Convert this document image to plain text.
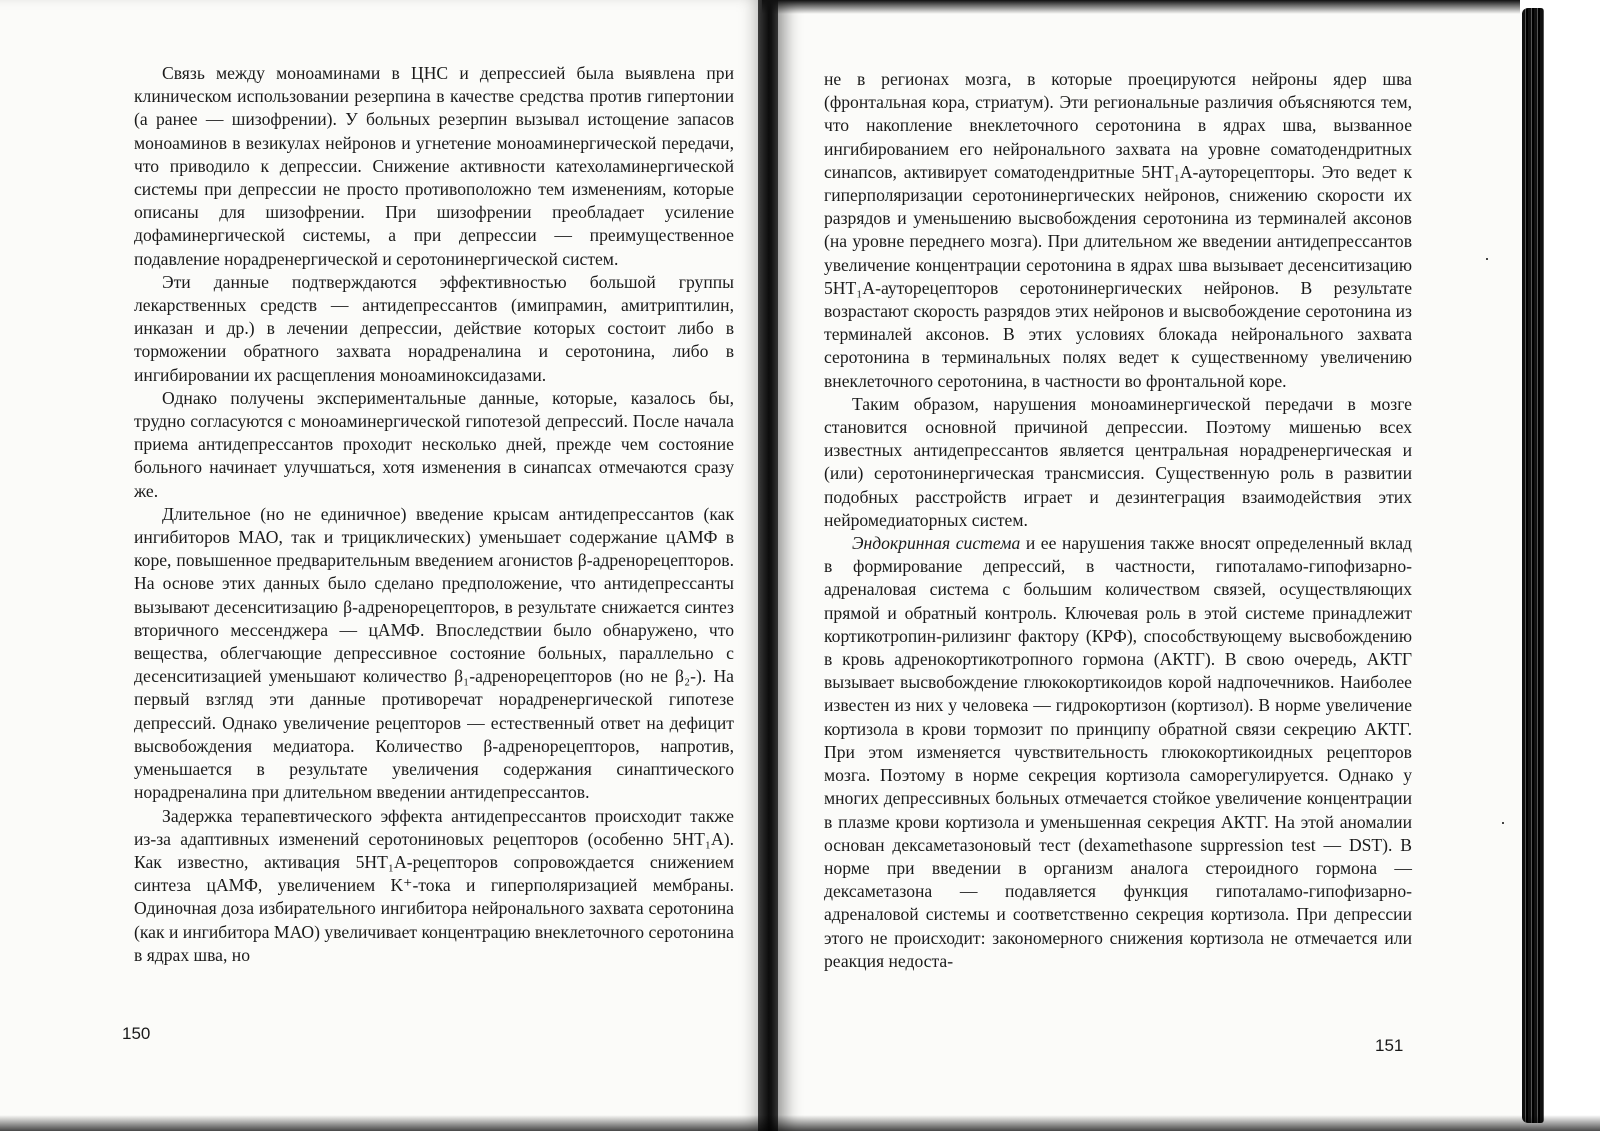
Связь между моноаминами в ЦНС и депрессией была выявлена при клиническом использовании резерпина в качестве средства против гипертонии (а ранее — шизофрении). У больных резерпин вызывал истощение запасов моноаминов в везикулах нейронов и угнетение моноаминергической передачи, что приводило к депрессии. Снижение активности катехоламинергической системы при депрессии не просто противоположно тем изменениям, которые описаны для шизофрении. При шизофрении преобладает усиление дофаминергической системы, а при депрессии — преимущественное подавление норадренергической и серотонинергической систем.

Эти данные подтверждаются эффективностью большой группы лекарственных средств — антидепрессантов (имипрамин, амитриптилин, инказан и др.) в лечении депрессии, действие которых состоит либо в торможении обратного захвата норадреналина и серотонина, либо в ингибировании их расщепления моноаминоксидазами.

Однако получены экспериментальные данные, которые, казалось бы, трудно согласуются с моноаминергической гипотезой депрессий. После начала приема антидепрессантов проходит несколько дней, прежде чем состояние больного начинает улучшаться, хотя изменения в синапсах отмечаются сразу же.

Длительное (но не единичное) введение крысам антидепрессантов (как ингибиторов МАО, так и трициклических) уменьшает содержание цАМФ в коре, повышенное предварительным введением агонистов β-адренорецепторов. На основе этих данных было сделано предположение, что антидепрессанты вызывают десенситизацию β-адренорецепторов, в результате снижается синтез вторичного мессенджера — цАМФ. Впоследствии было обнаружено, что вещества, облегчающие депрессивное состояние больных, параллельно с десенситизацией уменьшают количество β₁-адренорецепторов (но не β₂-). На первый взгляд эти данные противоречат норадренергической гипотезе депрессий. Однако увеличение рецепторов — естественный ответ на дефицит высвобождения медиатора. Количество β-адренорецепторов, напротив, уменьшается в результате увеличения содержания синаптического норадреналина при длительном введении антидепрессантов.

Задержка терапевтического эффекта антидепрессантов происходит также из-за адаптивных изменений серотониновых рецепторов (особенно 5HT₁A). Как известно, активация 5HT₁A-рецепторов сопровождается снижением синтеза цАМФ, увеличением K⁺-тока и гиперполяризацией мембраны. Одиночная доза избирательного ингибитора нейронального захвата серотонина (как и ингибитора МАО) увеличивает концентрацию внеклеточного серотонина в ядрах шва, но

150

не в регионах мозга, в которые проецируются нейроны ядер шва (фронтальная кора, стриатум). Эти региональные различия объясняются тем, что накопление внеклеточного серотонина в ядрах шва, вызванное ингибированием его нейронального захвата на уровне соматодендритных синапсов, активирует соматодендритные 5HT₁A-ауторецепторы. Это ведет к гиперполяризации серотонинергических нейронов, снижению скорости их разрядов и уменьшению высвобождения серотонина из терминалей аксонов (на уровне переднего мозга). При длительном же введении антидепрессантов увеличение концентрации серотонина в ядрах шва вызывает десенситизацию 5HT₁A-ауторецепторов серотонинергических нейронов. В результате возрастают скорость разрядов этих нейронов и высвобождение серотонина из терминалей аксонов. В этих условиях блокада нейронального захвата серотонина в терминальных полях ведет к существенному увеличению внеклеточного серотонина, в частности во фронтальной коре.

Таким образом, нарушения моноаминергической передачи в мозге становится основной причиной депрессии. Поэтому мишенью всех известных антидепрессантов является центральная норадренергическая и (или) серотонинергическая трансмиссия. Существенную роль в развитии подобных расстройств играет и дезинтеграция взаимодействия этих нейромедиаторных систем.

Эндокринная система и ее нарушения также вносят определенный вклад в формирование депрессий, в частности, гипоталамо-гипофизарно-адреналовая система с большим количеством связей, осуществляющих прямой и обратный контроль. Ключевая роль в этой системе принадлежит кортикотропин-рилизинг фактору (КРФ), способствующему высвобождению в кровь адренокортикотропного гормона (АКТГ). В свою очередь, АКТГ вызывает высвобождение глюкокортикоидов корой надпочечников. Наиболее известен из них у человека — гидрокортизон (кортизол). В норме увеличение кортизола в крови тормозит по принципу обратной связи секрецию АКТГ. При этом изменяется чувствительность глюкокортикоидных рецепторов мозга. Поэтому в норме секреция кортизола саморегулируется. Однако у многих депрессивных больных отмечается стойкое увеличение концентрации в плазме крови кортизола и уменьшенная секреция АКТГ. На этой аномалии основан дексаметазоновый тест (dexamethasone suppression test — DST). В норме при введении в организм аналога стероидного гормона — дексаметазона — подавляется функция гипоталамо-гипофизарно-адреналовой системы и соответственно секреция кортизола. При депрессии этого не происходит: закономерного снижения кортизола не отмечается или реакция недоста-

151
